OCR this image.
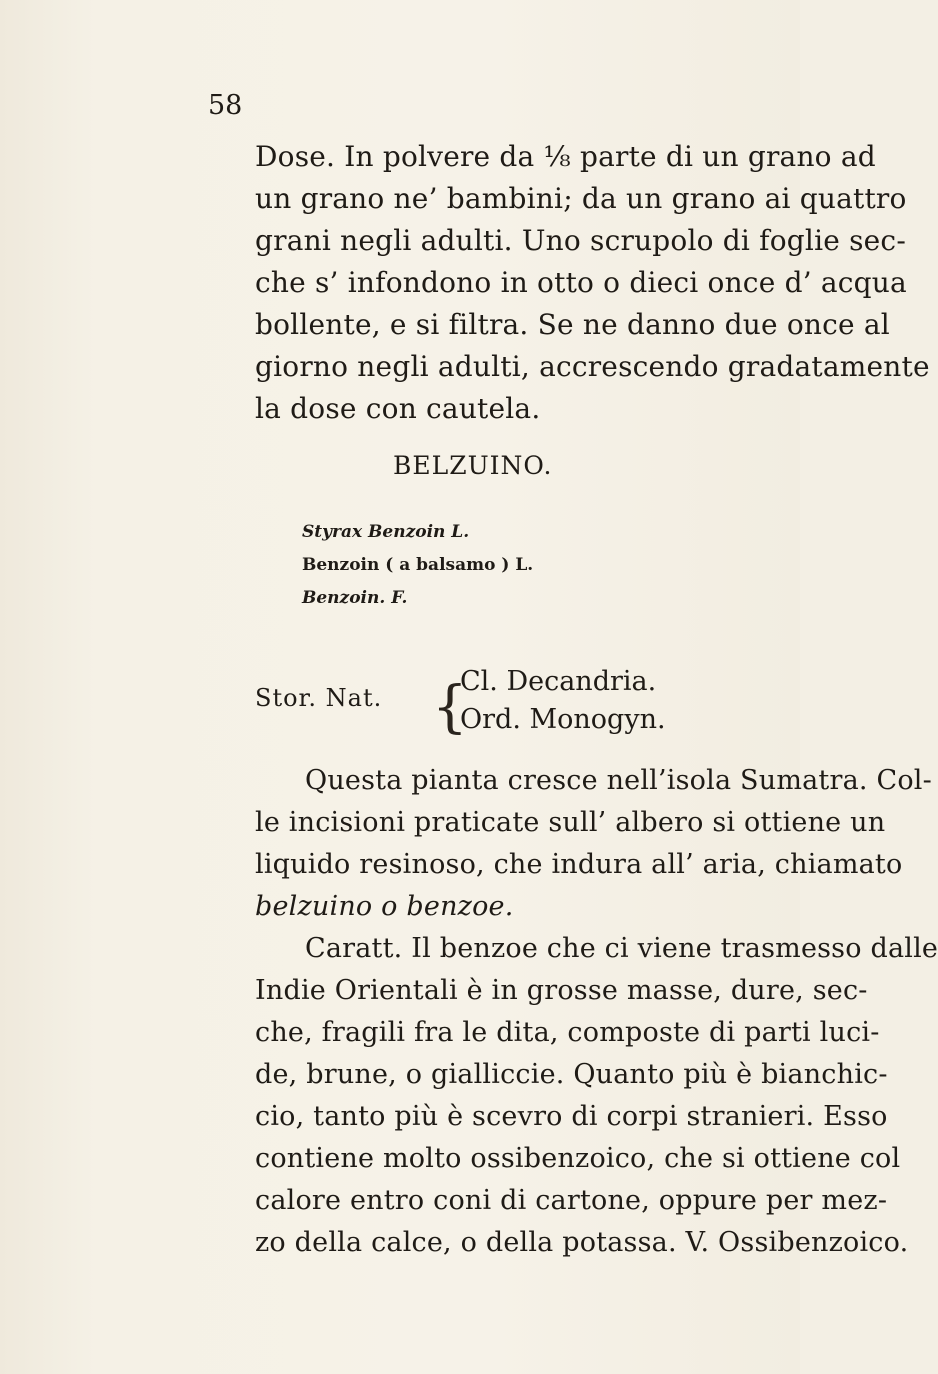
58
Dose. In polvere da ⅛ parte di un grano ad
un grano ne’ bambini; da un grano ai quattro
grani negli adulti. Uno scrupolo di foglie sec-
che s’ infondono in otto o dieci once d’ acqua
bollente, e si filtra. Se ne danno due once al
giorno negli adulti, accrescendo gradatamente
la dose con cautela.
BELZUINO.
Styrax Benzoin L.
Benzoin ( a balsamo ) L.
Benzoin. F.
Stor. Nat. {
Cl. Decandria.
Ord. Monogyn.
Questa pianta cresce nell’isola Sumatra. Col-
le incisioni praticate sull’ albero si ottiene un
liquido resinoso, che indura all’ aria, chiamato
belzuino o benzoe.
Caratt. Il benzoe che ci viene trasmesso dalle
Indie Orientali è in grosse masse, dure, sec-
che, fragili fra le dita, composte di parti luci-
de, brune, o gialliccie. Quanto più è bianchic-
cio, tanto più è scevro di corpi stranieri. Esso
contiene molto ossibenzoico, che si ottiene col
calore entro coni di cartone, oppure per mez-
zo della calce, o della potassa. V. Ossibenzoico.
